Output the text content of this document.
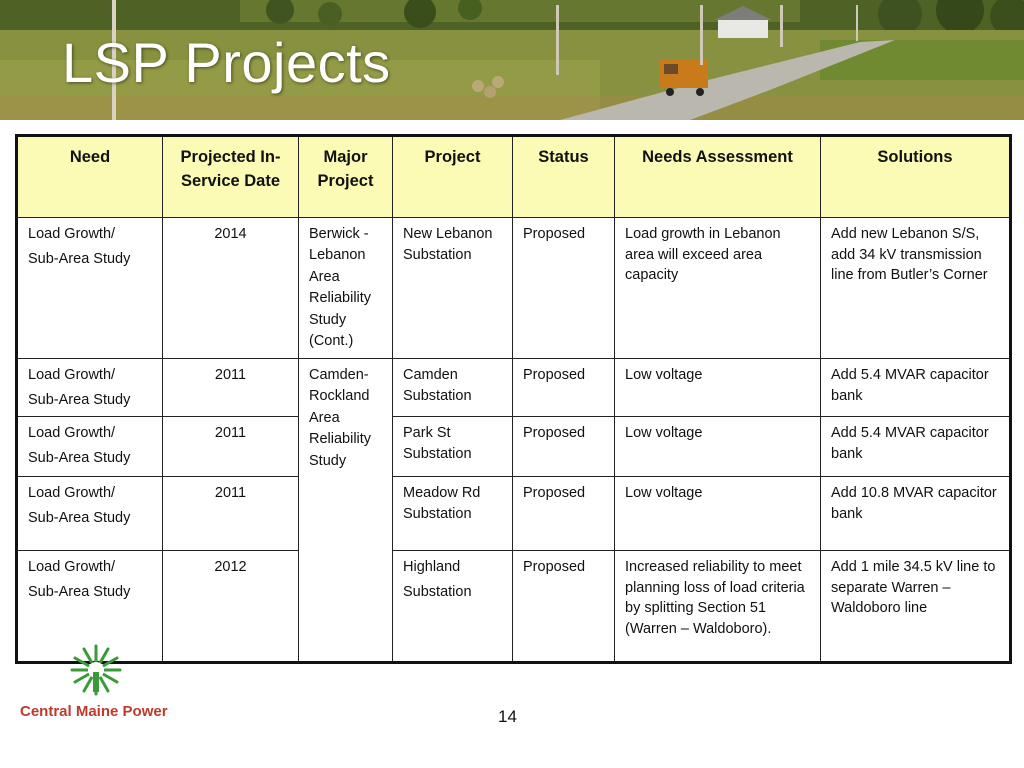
LSP Projects
Need	Projected In-Service Date	Major Project	Project	Status	Needs Assessment	Solutions

Load Growth/
Sub-Area Study	2014	Berwick - Lebanon
Area Reliability
Study (Cont.)	New Lebanon Substation	Proposed	Load growth in Lebanon area will exceed area capacity	Add new Lebanon S/S, add 34 kV transmission line from Butler’s Corner

Load Growth/
Sub-Area Study	2011	Camden-Rockland
Area Reliability
Study	Camden Substation	Proposed	Low voltage	Add 5.4 MVAR capacitor bank

Load Growth/
Sub-Area Study	2011		Park St Substation	Proposed	Low voltage	Add 5.4 MVAR capacitor bank

Load Growth/
Sub-Area Study	2011		Meadow Rd Substation	Proposed	Low voltage	Add 10.8 MVAR capacitor bank

Load Growth/
Sub-Area Study	2012		Highland
Substation	Proposed	Increased reliability to meet planning loss of load criteria by splitting Section 51 (Warren – Waldoboro).	Add 1 mile 34.5 kV line to separate Warren – Waldoboro line
Central Maine Power	14
